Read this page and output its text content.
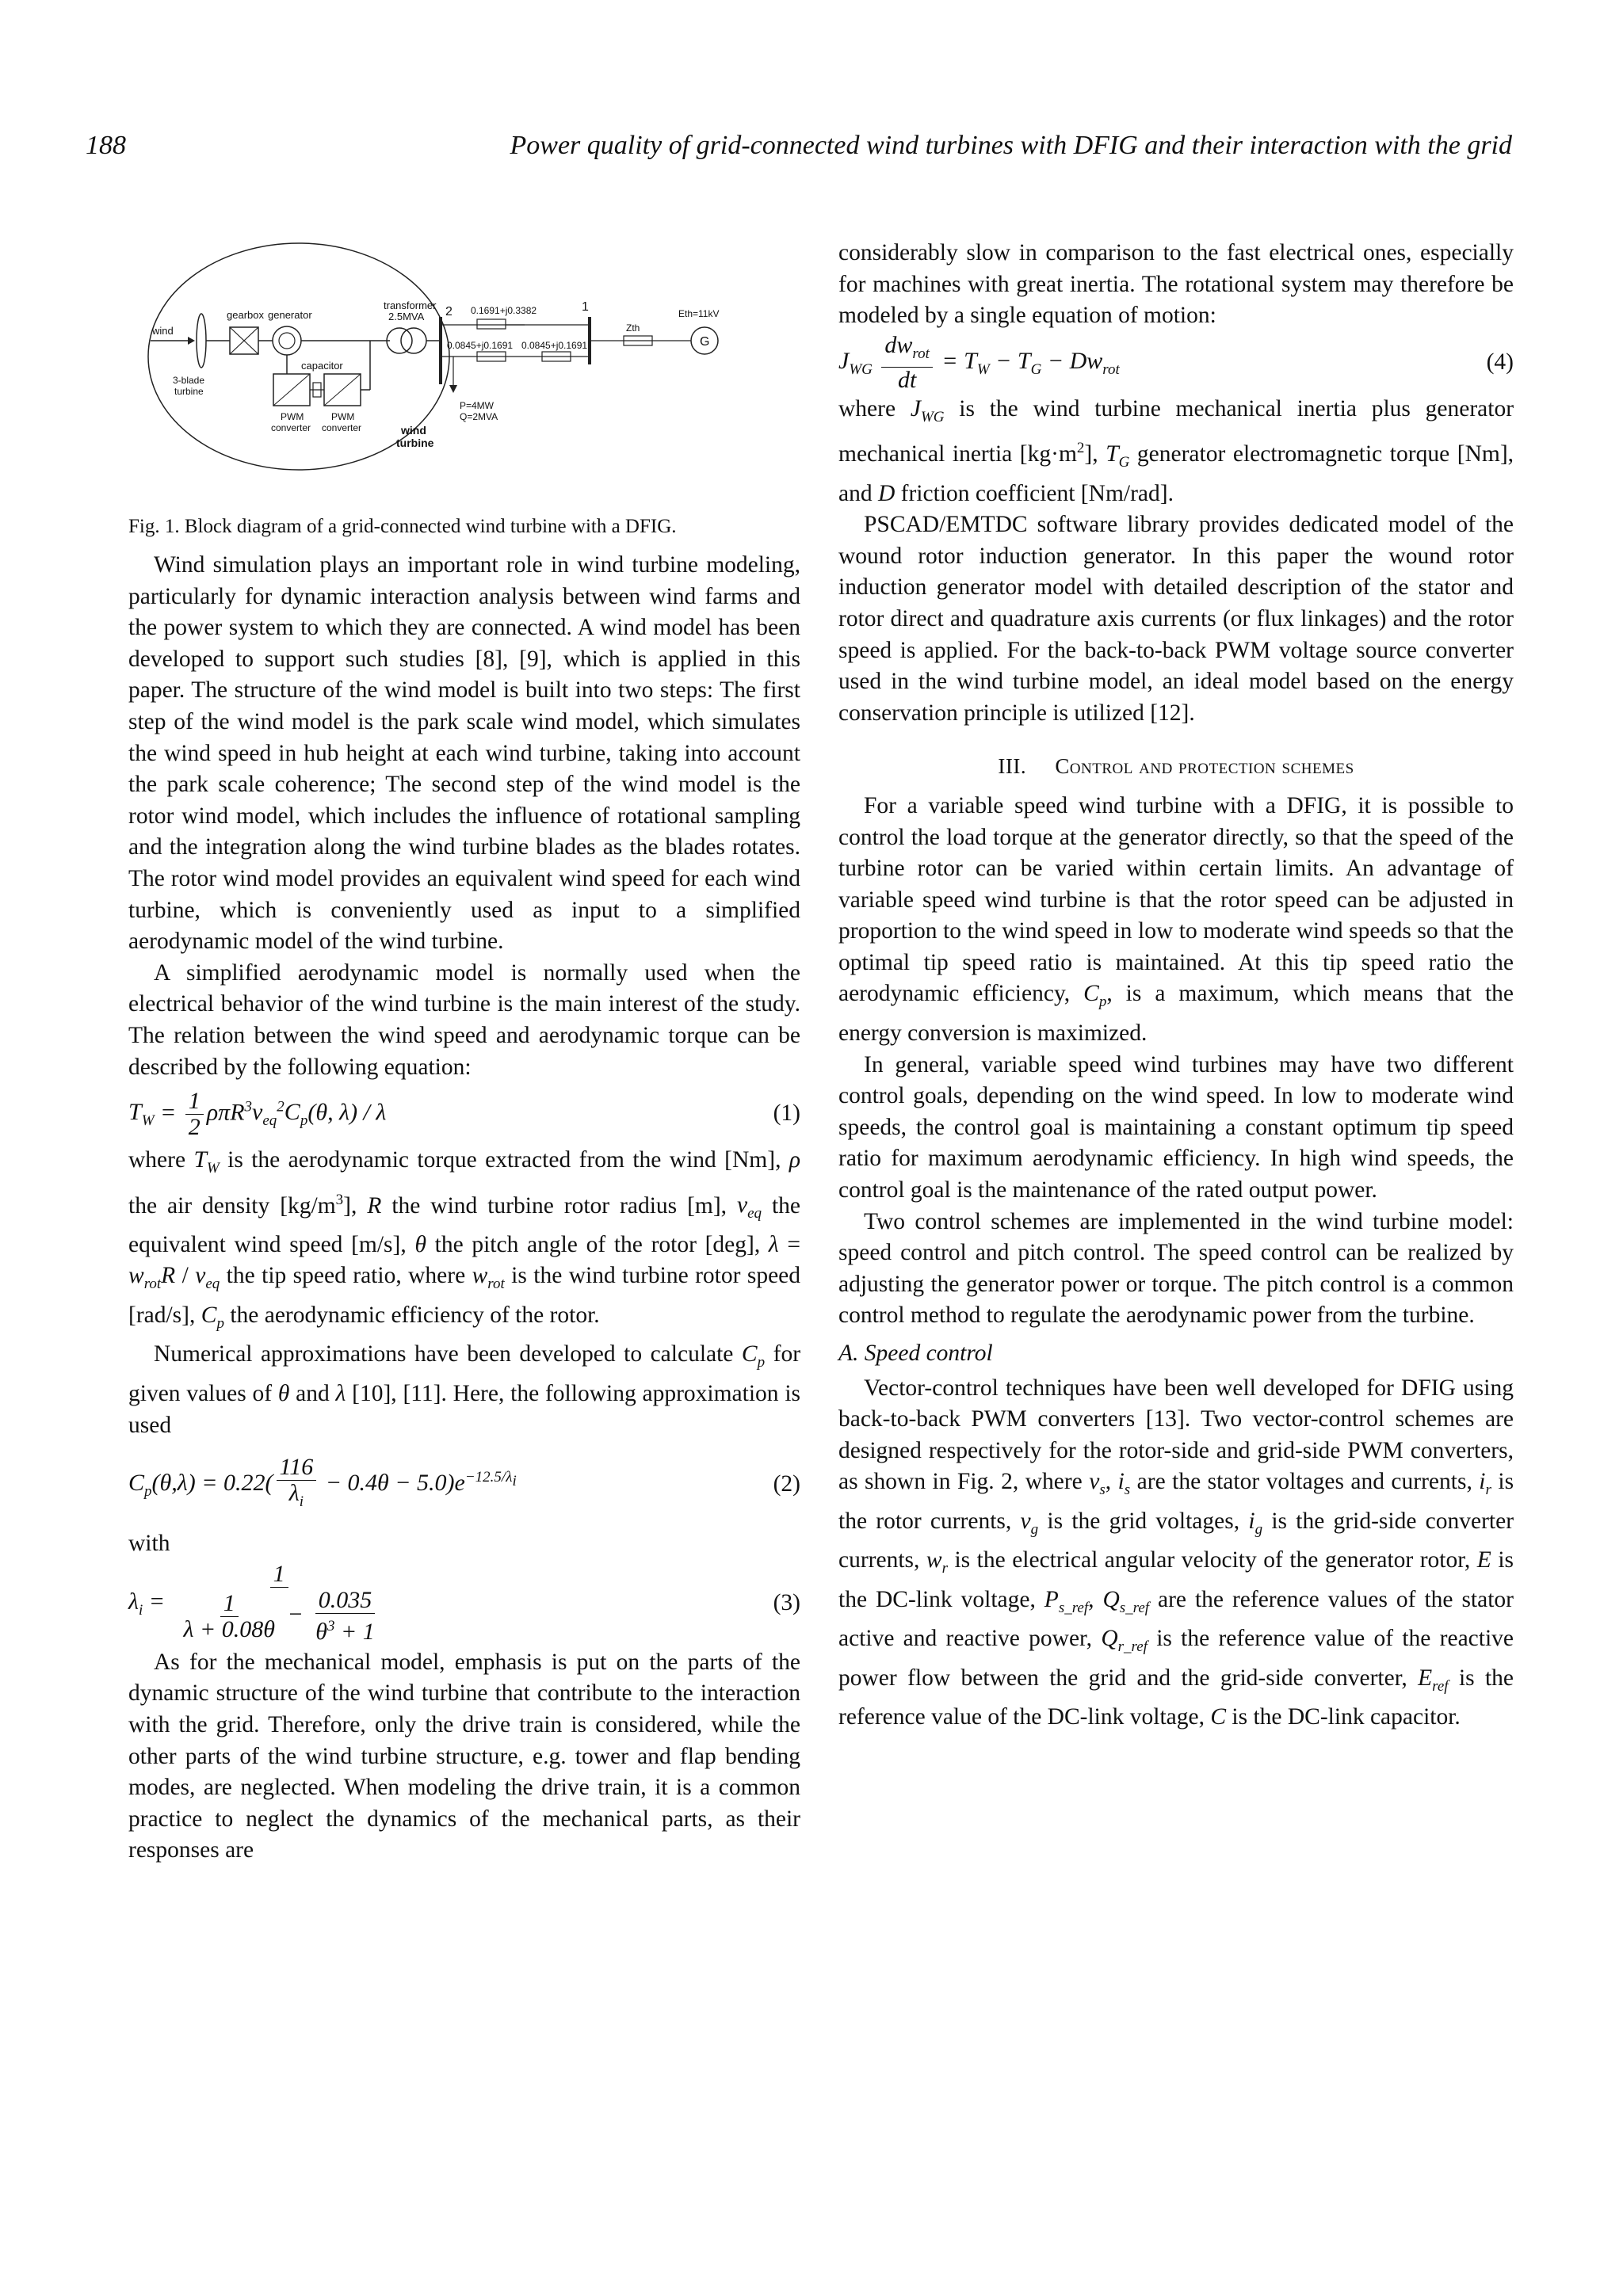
188	Power quality of grid-connected wind turbines with DFIG and their interaction with the grid
wind
gearbox generator
transformer
2.5MVA
3-blade
turbine
capacitor
PWM
converter
PWM
converter	wind
turbine
2	1
0.1691+j0.3382
0.0845+j0.1691 0.0845+j0.1691
Zth
Eth=11kV
G
P=4MW
Q=2MVA
Fig. 1. Block diagram of a grid-connected wind turbine with a DFIG.

Wind simulation plays an important role in wind turbine modeling, particularly for dynamic interaction analysis between wind farms and the power system to which they are connected. A wind model has been developed to support such studies [8], [9], which is applied in this paper. The structure of the wind model is built into two steps: The first step of the wind model is the park scale wind model, which simulates the wind speed in hub height at each wind turbine, taking into account the park scale coherence; The second step of the wind model is the rotor wind model, which includes the influence of rotational sampling and the integration along the wind turbine blades as the blades rotates. The rotor wind model provides an equivalent wind speed for each wind turbine, which is conveniently used as input to a simplified aerodynamic model of the wind turbine.

A simplified aerodynamic model is normally used when the electrical behavior of the wind turbine is the main interest of the study. The relation between the wind speed and aerodynamic torque can be described by the following equation:

$T_W = \frac{1}{2} \rho\pi R^3v_{eq}^2C_p(\theta$, λ) / λ	(1)

where $T_W$ is the aerodynamic torque extracted from the wind [Nm], ρ the air density $[kg/m^3]$, R the wind turbine rotor radius [m], $v_{eq}$ the equivalent wind speed [m/s], θ the pitch angle of the rotor [deg], $\lambda = w_{rot}R / v_{eq}$ the tip speed ratio, where $w_{rot}$ is the wind turbine rotor speed [rad/s], $C_p$ the aerodynamic efficiency of the rotor.

Numerical approximations have been developed to calculate $C_p$ for given values of θ and λ [10], [11]. Here, the following approximation is used

$C_p(\theta,\lambda) = 0.22( \frac{116}{\lambda_i} - 0.4\theta - 5.0)e^{-12.5/\lambda_i}$	(2)

with

$\lambda_i = \frac{1}{\frac{1}{\lambda + 0.08\theta} - \frac{0.035}{\theta^3 + 1}}$	(3)

As for the mechanical model, emphasis is put on the parts of the dynamic structure of the wind turbine that contribute to the interaction with the grid. Therefore, only the drive train is considered, while the other parts of the wind turbine structure, e.g. tower and flap bending modes, are neglected. When modeling the drive train, it is a common practice to neglect the dynamics of the mechanical parts, as their responses are

considerably slow in comparison to the fast electrical ones, especially for machines with great inertia. The rotational system may therefore be modeled by a single equation of motion:

$J_{WG} \frac{dw_{rot}}{dt} = T_W - T_G - Dw_{rot}$	(4)

where $J_{WG}$ is the wind turbine mechanical inertia plus generator mechanical inertia $[kg\cdot m^2]$, $T_G$ generator electromagnetic torque [Nm], and D friction coefficient [Nm/rad].

PSCAD/EMTDC software library provides dedicated model of the wound rotor induction generator. In this paper the wound rotor induction generator model with detailed description of the stator and rotor direct and quadrature axis currents (or flux linkages) and the rotor speed is applied. For the back-to-back PWM voltage source converter used in the wind turbine model, an ideal model based on the energy conservation principle is utilized [12].

III. Control and protection schemes

For a variable speed wind turbine with a DFIG, it is possible to control the load torque at the generator directly, so that the speed of the turbine rotor can be varied within certain limits. An advantage of variable speed wind turbine is that the rotor speed can be adjusted in proportion to the wind speed in low to moderate wind speeds so that the optimal tip speed ratio is maintained. At this tip speed ratio the aerodynamic efficiency, $C_p$, is a maximum, which means that the energy conversion is maximized.

In general, variable speed wind turbines may have two different control goals, depending on the wind speed. In low to moderate wind speeds, the control goal is maintaining a constant optimum tip speed ratio for maximum aerodynamic efficiency. In high wind speeds, the control goal is the maintenance of the rated output power.

Two control schemes are implemented in the wind turbine model: speed control and pitch control. The speed control can be realized by adjusting the generator power or torque. The pitch control is a common control method to regulate the aerodynamic power from the turbine.

A. Speed control

Vector-control techniques have been well developed for DFIG using back-to-back PWM converters [13]. Two vector-control schemes are designed respectively for the rotor-side and grid-side PWM converters, as shown in Fig. 2, where $v_s$, $i_s$ are the stator voltages and currents, $i_r$ is the rotor currents, $v_g$ is the grid voltages, $i_g$ is the grid-side converter currents, $w_r$ is the electrical angular velocity of the generator rotor, E is the DC-link voltage, $P_{s\_ref}$, $Q_{s\_ref}$ are the reference values of the stator active and reactive power, $Q_{r\_ref}$ is the reference value of the reactive power flow between the grid and the grid-side converter, $E_{ref}$ is the reference value of the DC-link voltage, C is the DC-link capacitor.
